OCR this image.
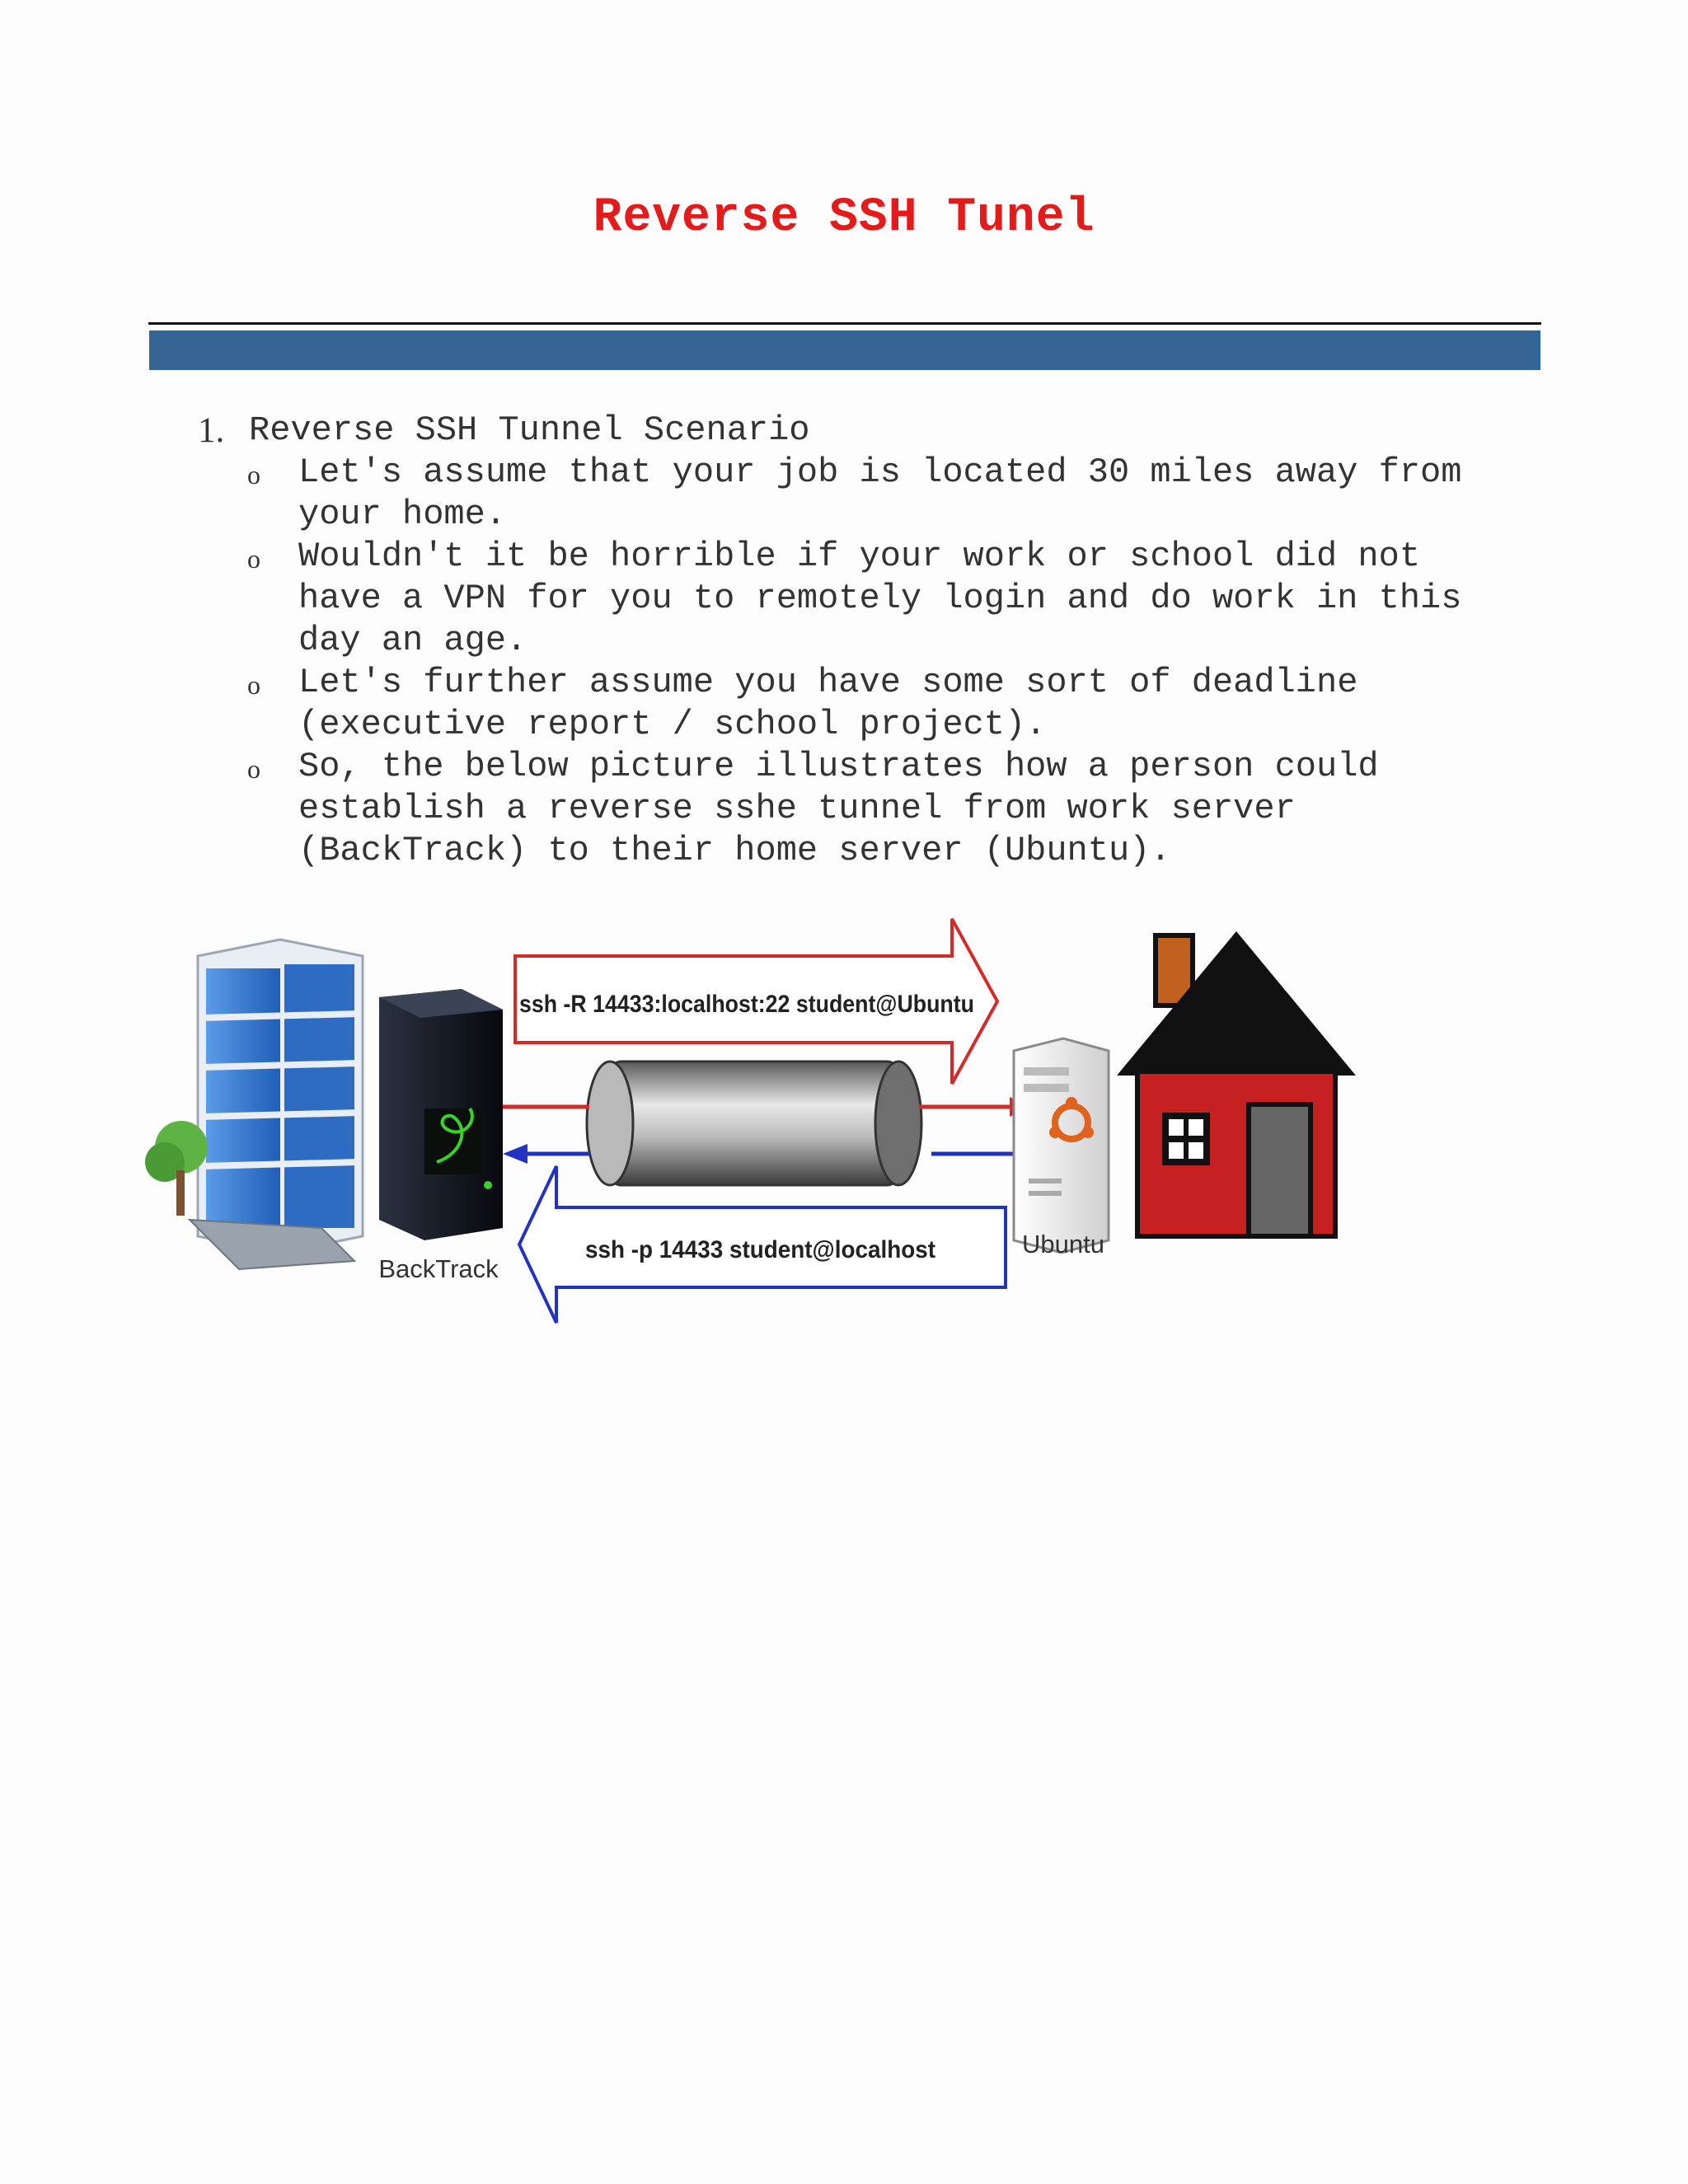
Reverse SSH Tunel
1. Reverse SSH Tunnel Scenario
o Let's assume that your job is located 30 miles away from your home.
o Wouldn't it be horrible if your work or school did not have a VPN for you to remotely login and do work in this day an age.
o Let's further assume you have some sort of deadline (executive report / school project).
o So, the below picture illustrates how a person could establish a reverse sshe tunnel from work server (BackTrack) to their home server (Ubuntu).
BackTrack
ssh -R 14433:localhost:22 student@Ubuntu
ssh -p 14433 student@localhost	Ubuntu
